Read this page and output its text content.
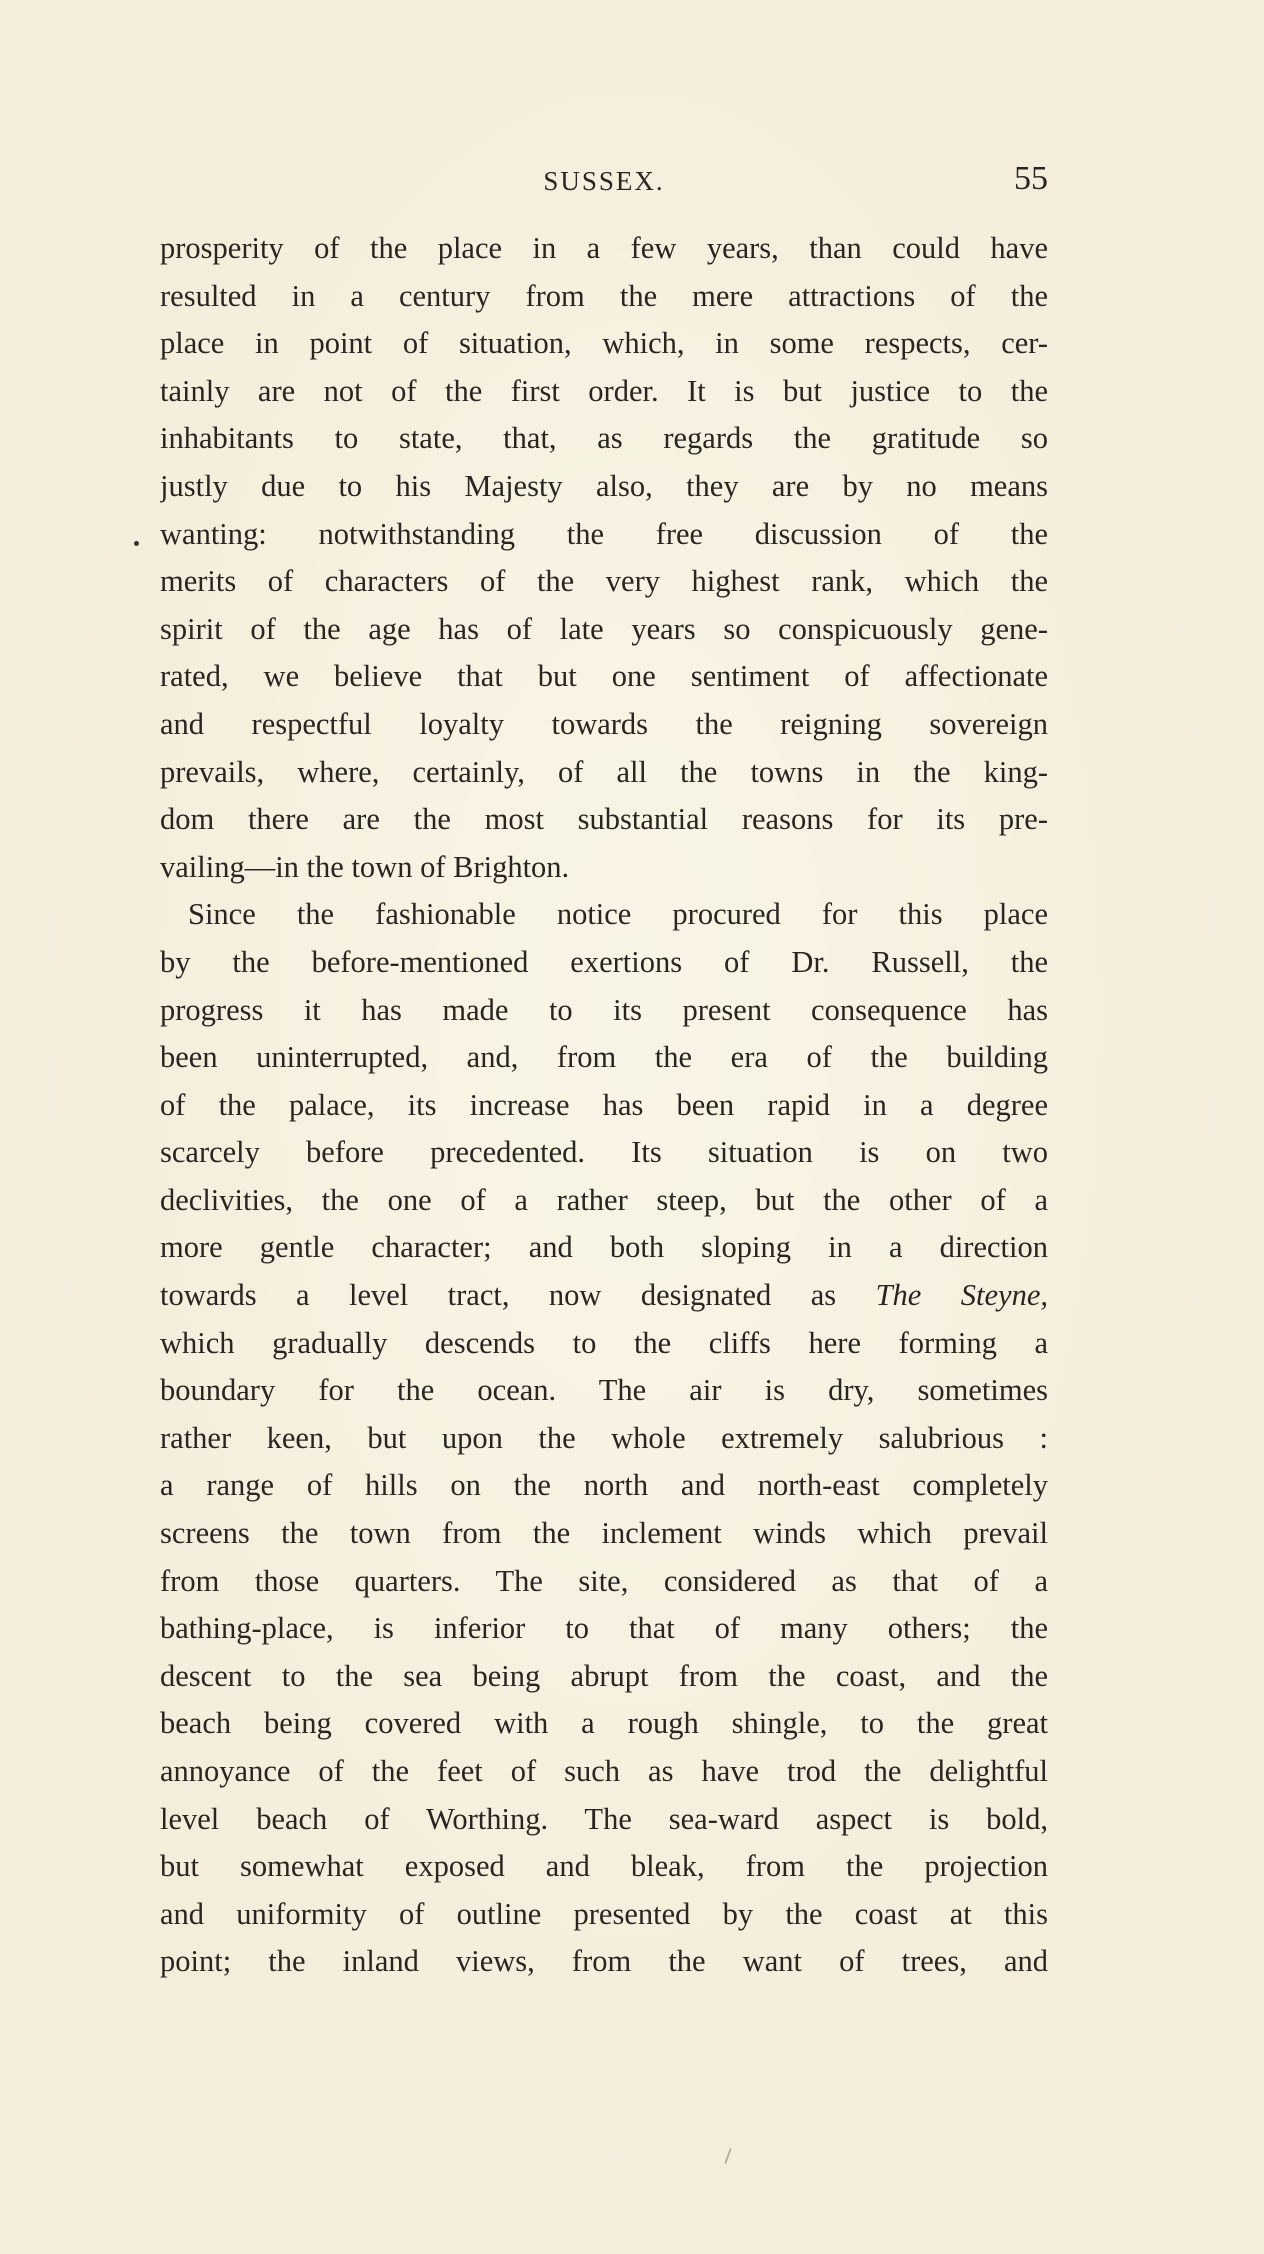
SUSSEX.	55
prosperity of the place in a few years, than could have
resulted in a century from the mere attractions of the
place in point of situation, which, in some respects, cer-
tainly are not of the first order. It is but justice to the
inhabitants to state, that, as regards the gratitude so
justly due to his Majesty also, they are by no means
wanting: notwithstanding the free discussion of the
merits of characters of the very highest rank, which the
spirit of the age has of late years so conspicuously gene-
rated, we believe that but one sentiment of affectionate
and respectful loyalty towards the reigning sovereign
prevails, where, certainly, of all the towns in the king-
dom there are the most substantial reasons for its pre-
vailing—in the town of Brighton.
Since the fashionable notice procured for this place
by the before-mentioned exertions of Dr. Russell, the
progress it has made to its present consequence has
been uninterrupted, and, from the era of the building
of the palace, its increase has been rapid in a degree
scarcely before precedented. Its situation is on two
declivities, the one of a rather steep, but the other of a
more gentle character; and both sloping in a direction
towards a level tract, now designated as The Steyne,
which gradually descends to the cliffs here forming a
boundary for the ocean. The air is dry, sometimes
rather keen, but upon the whole extremely salubrious :
a range of hills on the north and north-east completely
screens the town from the inclement winds which prevail
from those quarters. The site, considered as that of a
bathing-place, is inferior to that of many others; the
descent to the sea being abrupt from the coast, and the
beach being covered with a rough shingle, to the great
annoyance of the feet of such as have trod the delightful
level beach of Worthing. The sea-ward aspect is bold,
but somewhat exposed and bleak, from the projection
and uniformity of outline presented by the coast at this
point; the inland views, from the want of trees, and
